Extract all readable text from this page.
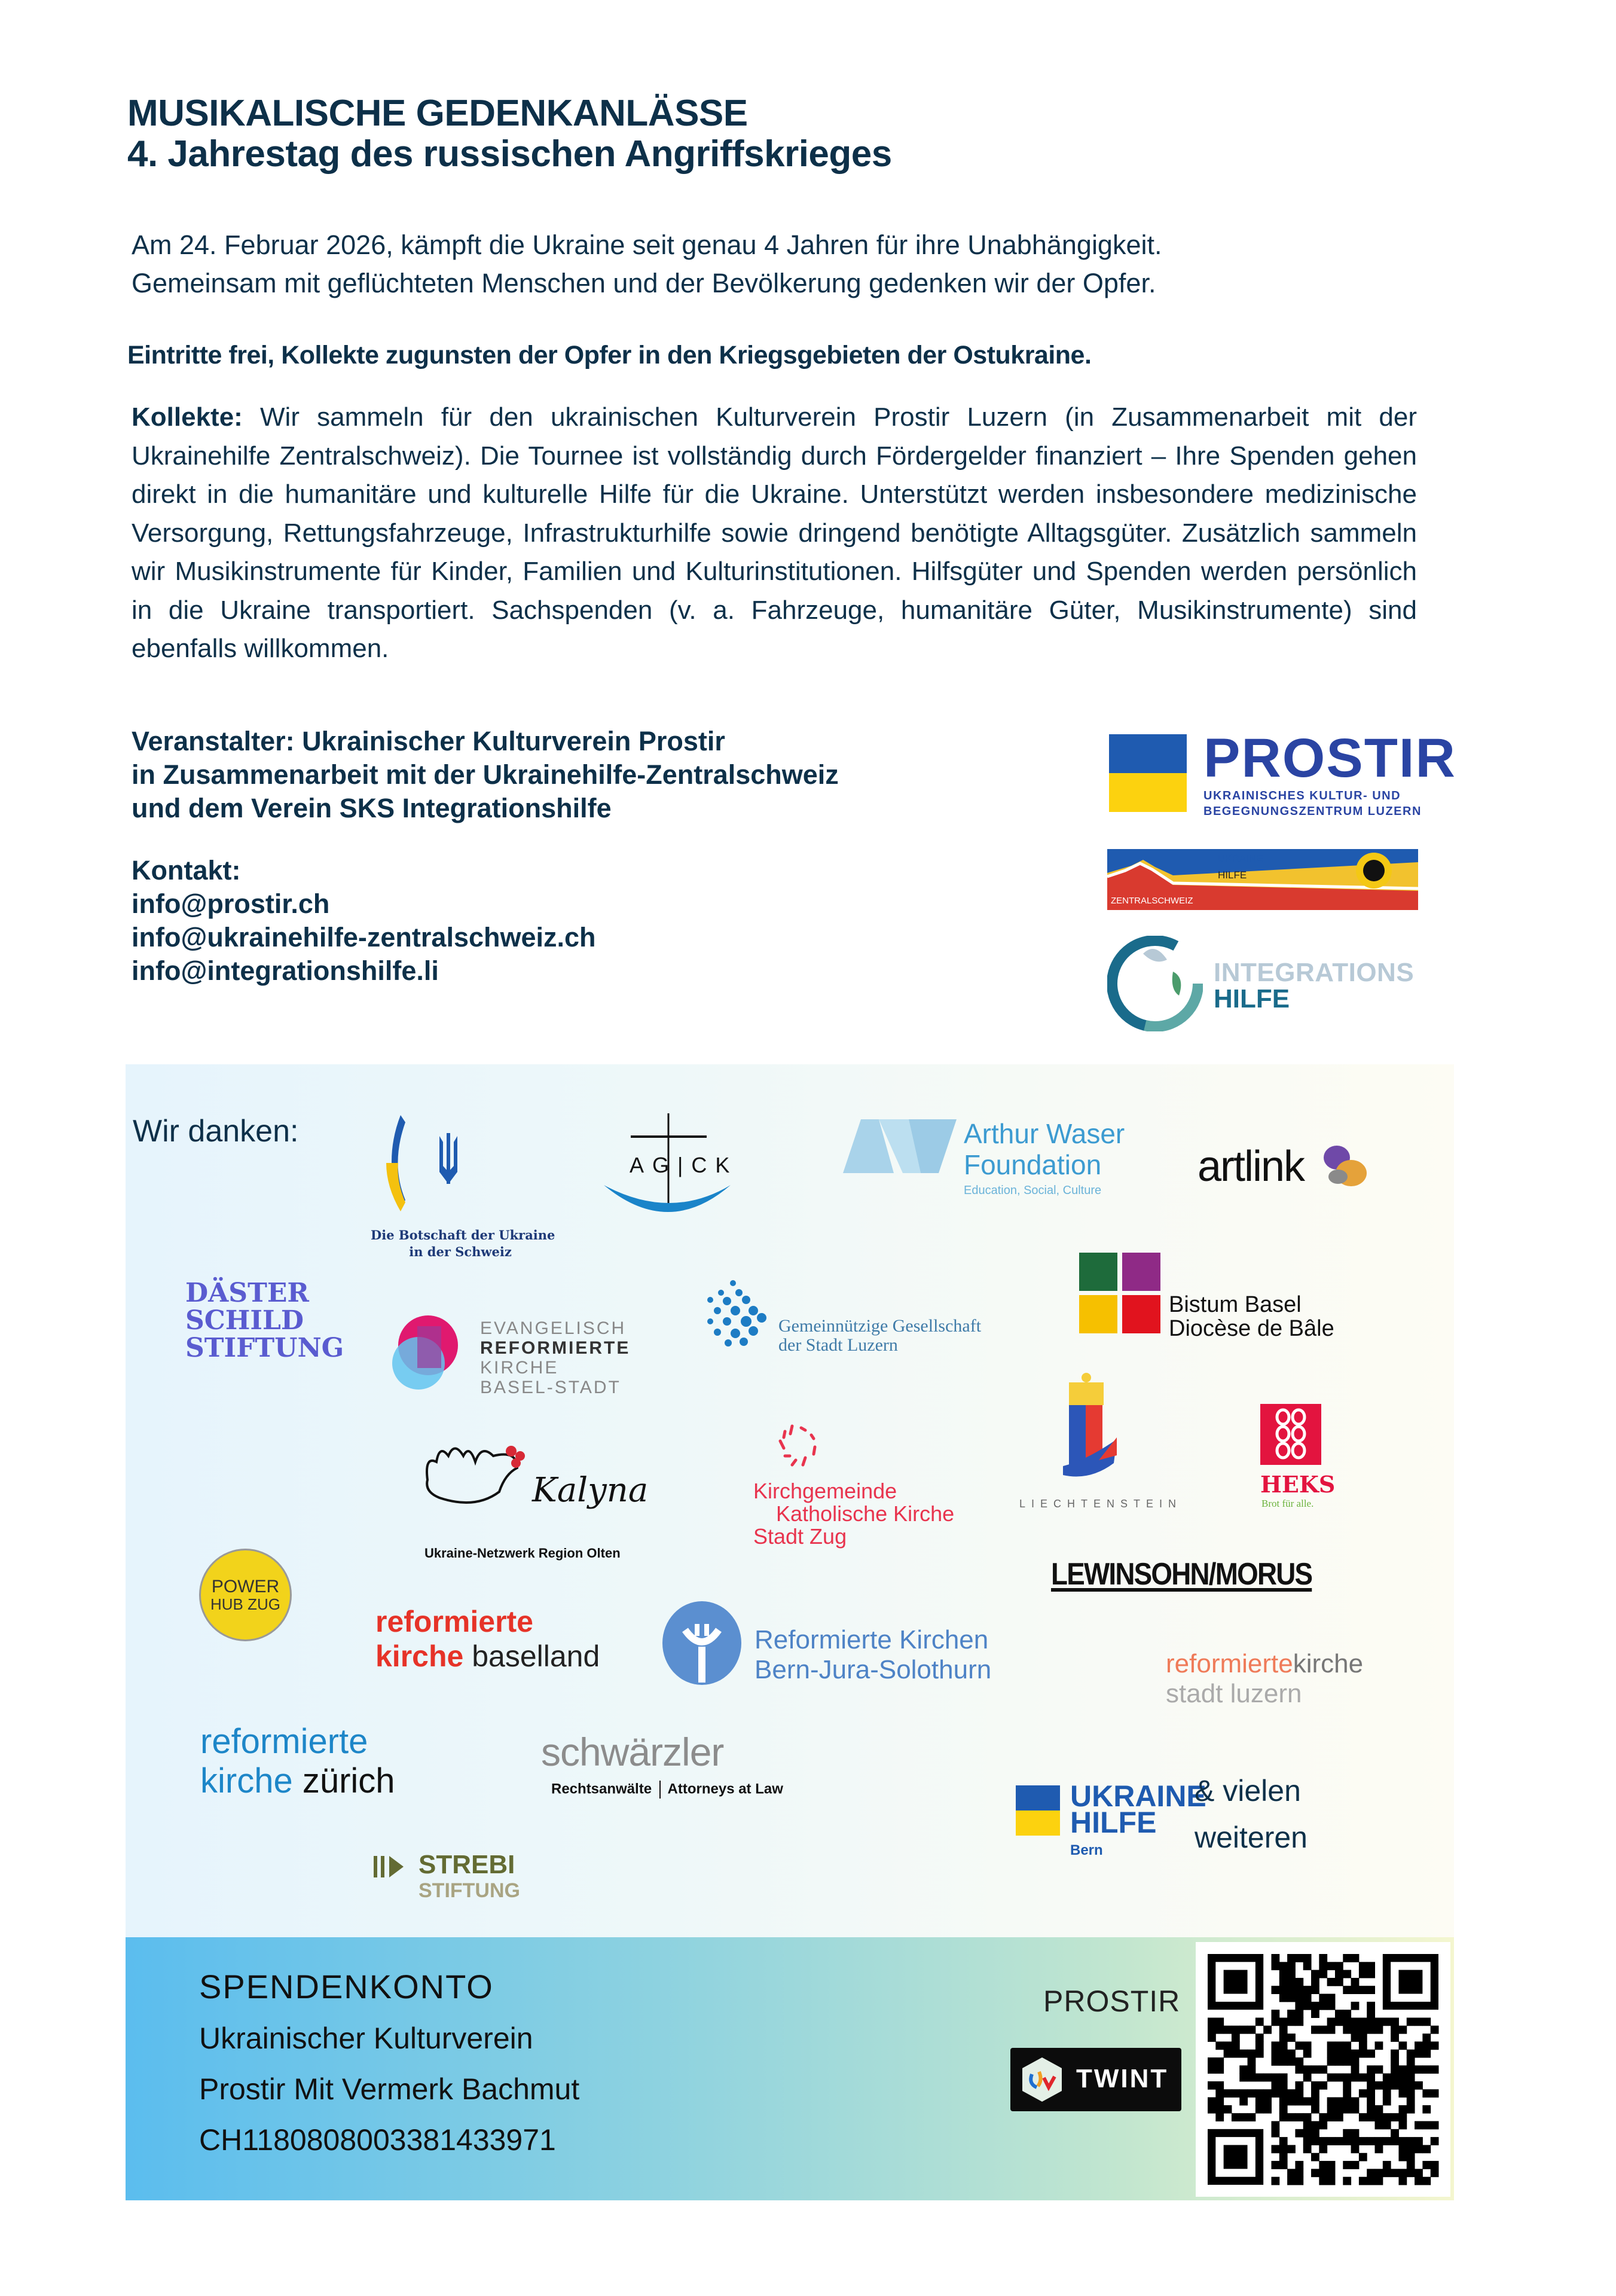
MUSIKALISCHE GEDENKANLÄSSE
4. Jahrestag des russischen Angriffskrieges
Am 24. Februar 2026, kämpft die Ukraine seit genau 4 Jahren für ihre Unabhängigkeit.
Gemeinsam mit geflüchteten Menschen und der Bevölkerung gedenken wir der Opfer.
Eintritte frei, Kollekte zugunsten der Opfer in den Kriegsgebieten der Ostukraine.
Kollekte: Wir sammeln für den ukrainischen Kulturverein Prostir Luzern (in Zusammenarbeit mit der Ukrainehilfe Zentralschweiz). Die Tournee ist vollständig durch Fördergelder finanziert – Ihre Spenden gehen direkt in die humanitäre und kulturelle Hilfe für die Ukraine. Unterstützt werden insbesondere medizinische Versorgung, Rettungsfahrzeuge, Infrastrukturhilfe sowie dringend benötigte Alltagsgüter. Zusätzlich sammeln wir Musikinstrumente für Kinder, Familien und Kulturinstitutionen. Hilfsgüter und Spenden werden persönlich in die Ukraine transportiert. Sachspenden (v. a. Fahrzeuge, humanitäre Güter, Musikinstrumente) sind ebenfalls willkommen.
Veranstalter: Ukrainischer Kulturverein Prostir
in Zusammenarbeit mit der Ukrainehilfe-Zentralschweiz
und dem Verein SKS Integrationshilfe
Kontakt:
info@prostir.ch
info@ukrainehilfe-zentralschweiz.ch
info@integrationshilfe.li
PROSTIR
UKRAINISCHES KULTUR- UND
BEGEGNUNGSZENTRUM LUZERN
UKRAINE
HILFE
ZENTRALSCHWEIZ
INTEGRATIONS
HILFE
Wir danken:
Die Botschaft der Ukraine
in der Schweiz
AG|CK
Arthur Waser
Foundation
Education, Social, Culture	artlink
DÄSTER
SCHILD
STIFTUNG
EVANGELISCH
REFORMIERTE
KIRCHE
BASEL-STADT
Gemeinnützige Gesellschaft
der Stadt Luzern
Bistum Basel
Diocèse de Bâle
Kalyna
Ukraine-Netzwerk Region Olten
Kirchgemeinde
Katholische Kirche
Stadt Zug
LIECHTENSTEIN
HEKS
Brot für alle.
LEWINSOHN/MORUS
POWER
HUB ZUG
reformierte
kirche baselland	Reformierte Kirchen
Bern-Jura-Solothurn	reformiertekirche
stadt luzern
reformierte
kirche zürich
schwärzler
Rechtsanwälte Attorneys at Law	UKRAINE
HILFE
Bern
& vielen
weiteren
STREBI
STIFTUNG
SPENDENKONTO
Ukrainischer Kulturverein
Prostir Mit Vermerk Bachmut
CH1180808003381433971
PROSTIR
TWINT
